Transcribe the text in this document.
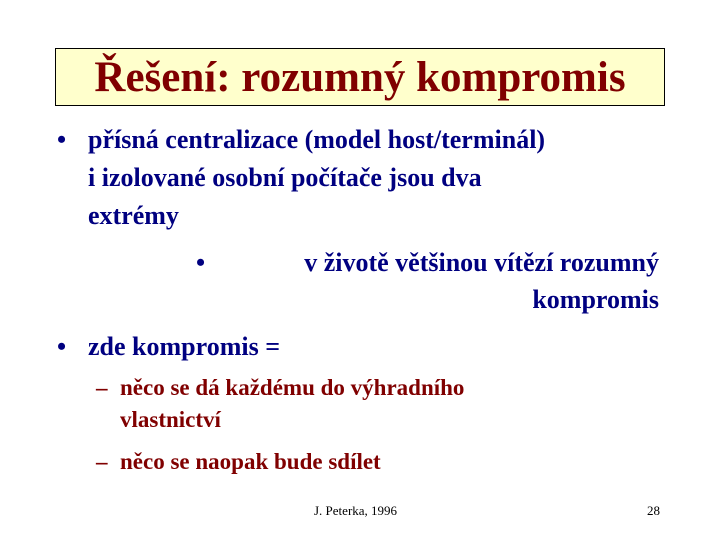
Řešení: rozumný kompromis
• přísná centralizace (model host/terminál)
i izolované osobní počítače jsou dva
extrémy
•	v životě většinou vítězí rozumný
kompromis
• zde kompromis =
– něco se dá každému do výhradního
vlastnictví
– něco se naopak bude sdílet
J. Peterka, 1996	28
